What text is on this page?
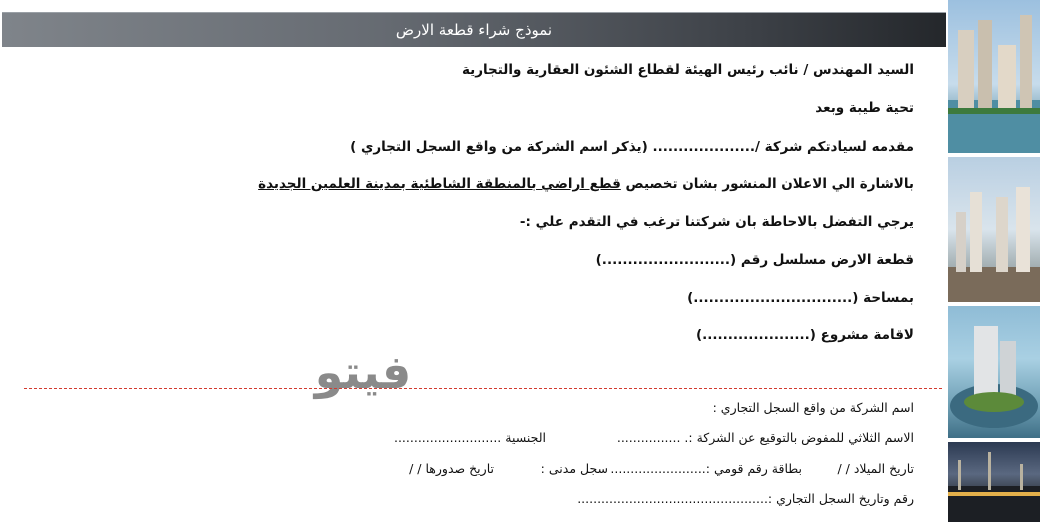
نموذج شراء قطعة الارض
السيد المهندس / نائب رئيس الهيئة لقطاع الشئون العقارية والتجارية
تحية طيبة وبعد
مقدمه لسيادتكم شركة /.................... (يذكر اسم الشركة من واقع السجل التجاري )
بالاشارة الي الاعلان المنشور بشان تخصيص قطع اراضي بالمنطقة الشاطئية بمدينة العلمين الجديدة
يرجي التفضل بالاحاطة بان شركتنا ترغب في التقدم علي :-
قطعة الارض مسلسل رقم (.........................)
بمساحة (...............................)
لاقامة مشروع (.....................)
فيتو
اسم الشركة من واقع السجل التجاري :
الاسم الثلاثي للمفوض بالتوقيع عن الشركة :. ................
الجنسية ...........................
تاريخ الميلاد / /
بطاقة رقم قومي :........................
سجل مدنى :
تاريخ صدورها / /
رقم وتاريخ السجل التجاري :................................................
